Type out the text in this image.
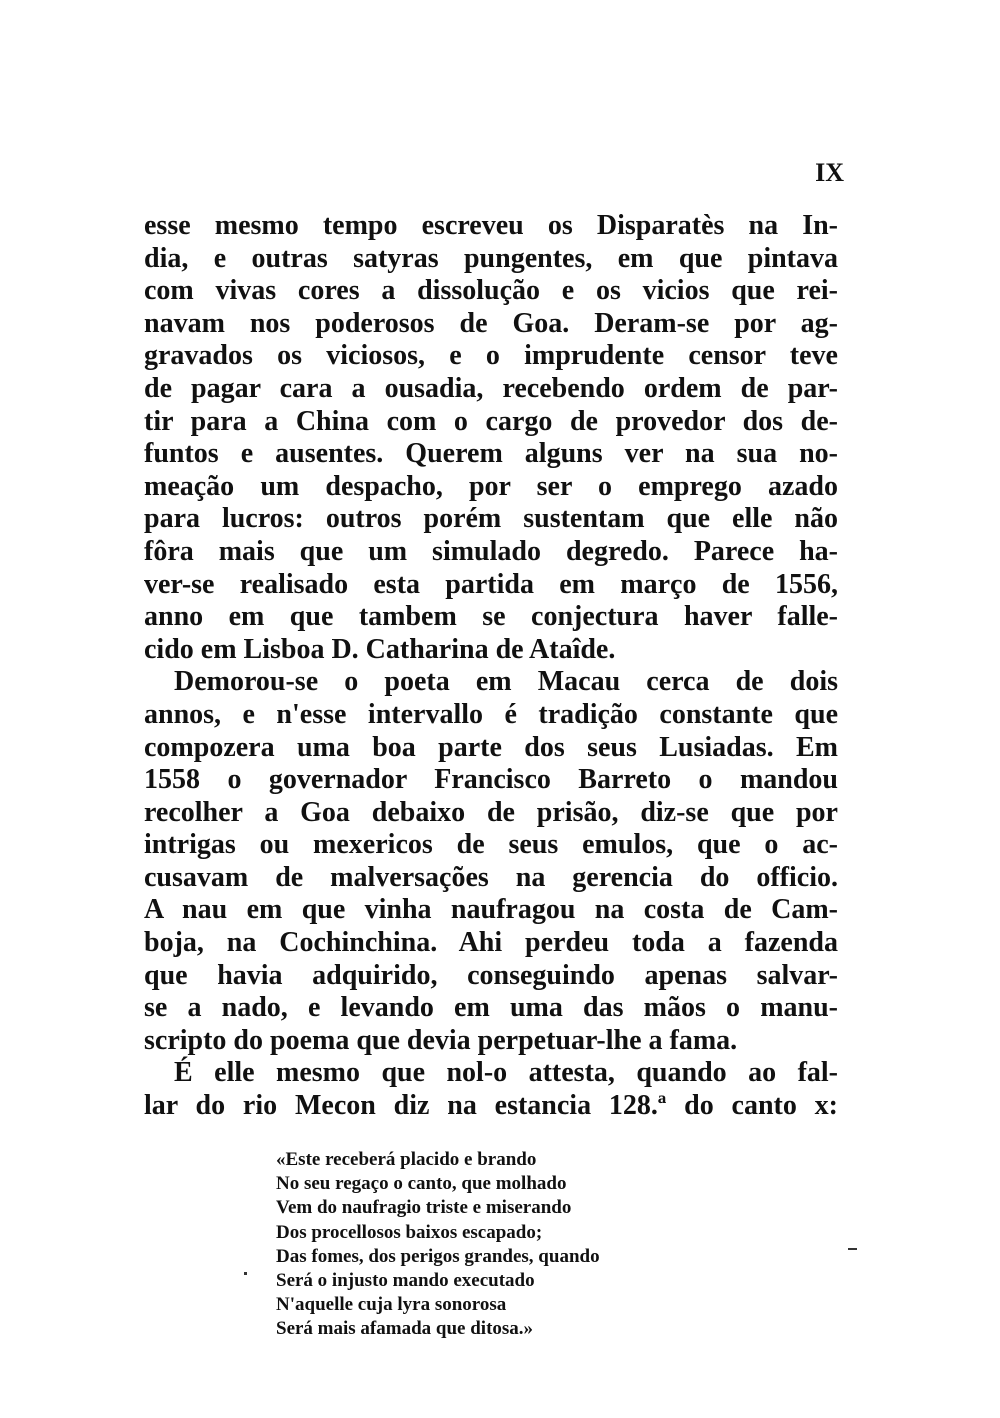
IX
esse mesmo tempo escreveu os Disparatès na In-
dia, e outras satyras pungentes, em que pintava
com vivas cores a dissolução e os vicios que rei-
navam nos poderosos de Goa. Deram-se por ag-
gravados os viciosos, e o imprudente censor teve
de pagar cara a ousadia, recebendo ordem de par-
tir para a China com o cargo de provedor dos de-
funtos e ausentes. Querem alguns ver na sua no-
meação um despacho, por ser o emprego azado
para lucros: outros porém sustentam que elle não
fôra mais que um simulado degredo. Parece ha-
ver-se realisado esta partida em março de 1556,
anno em que tambem se conjectura haver falle-
cido em Lisboa D. Catharina de Ataîde.
Demorou-se o poeta em Macau cerca de dois
annos, e n'esse intervallo é tradição constante que
compozera uma boa parte dos seus Lusiadas. Em
1558 o governador Francisco Barreto o mandou
recolher a Goa debaixo de prisão, diz-se que por
intrigas ou mexericos de seus emulos, que o ac-
cusavam de malversações na gerencia do officio.
A nau em que vinha naufragou na costa de Cam-
boja, na Cochinchina. Ahi perdeu toda a fazenda
que havia adquirido, conseguindo apenas salvar-
se a nado, e levando em uma das mãos o manu-
scripto do poema que devia perpetuar-lhe a fama.
É elle mesmo que nol-o attesta, quando ao fal-
lar do rio Mecon diz na estancia 128.ª do canto x:
«Este receberá placido e brando
No seu regaço o canto, que molhado
Vem do naufragio triste e miserando
Dos procellosos baixos escapado;
Das fomes, dos perigos grandes, quando
Será o injusto mando executado
N'aquelle cuja lyra sonorosa
Será mais afamada que ditosa.»
